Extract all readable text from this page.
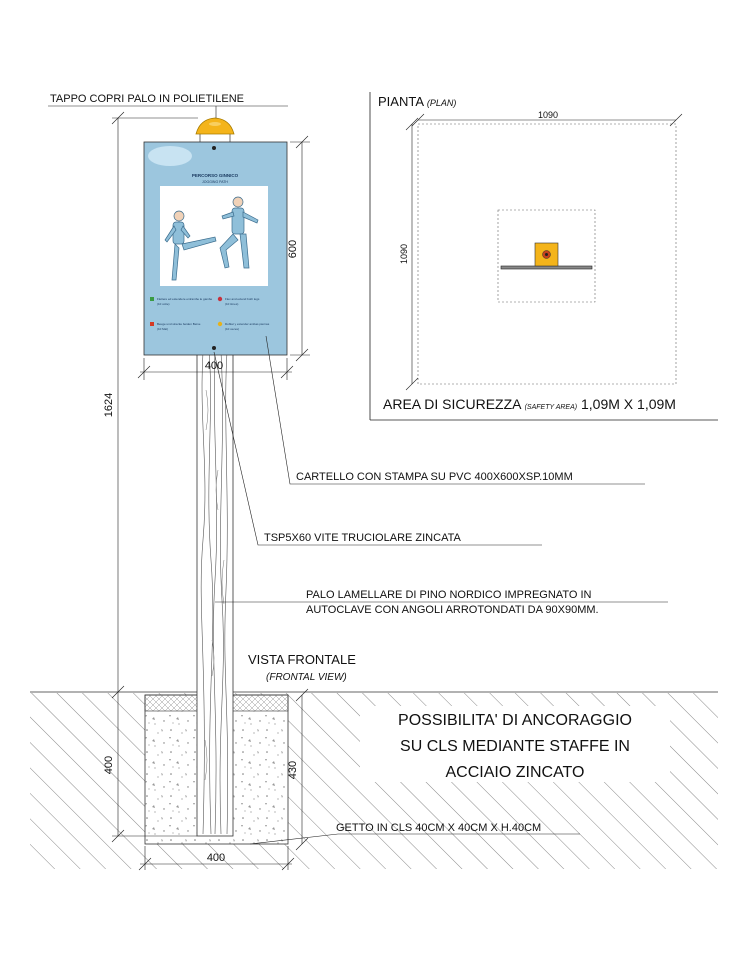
PERCORSO GINNICO
JOGGING PATH
Flettere ed estendere entrambe le gambe
(10 volte)
Flex and extend both legs
(10 times)
Beuge und strecke beiden Beine
(10 Mal)
Doblar y extender ambas piernas
(10 veces)
TAPPO COPRI PALO IN POLIETILENE
CARTELLO CON STAMPA SU PVC 400X600XSP.10MM
TSP5X60 VITE TRUCIOLARE ZINCATA
PALO LAMELLARE DI PINO NORDICO IMPREGNATO IN
AUTOCLAVE CON ANGOLI ARROTONDATI DA 90X90MM.
VISTA FRONTALE
(FRONTAL VIEW)
POSSIBILITA' DI ANCORAGGIO
SU CLS MEDIANTE STAFFE IN
ACCIAIO ZINCATO
GETTO IN CLS 40CM X 40CM X H.40CM
1624
400
600
400
430
400
PIANTA (PLAN)
1090
1090
AREA DI SICUREZZA (SAFETY AREA) 1,09M X 1,09M
